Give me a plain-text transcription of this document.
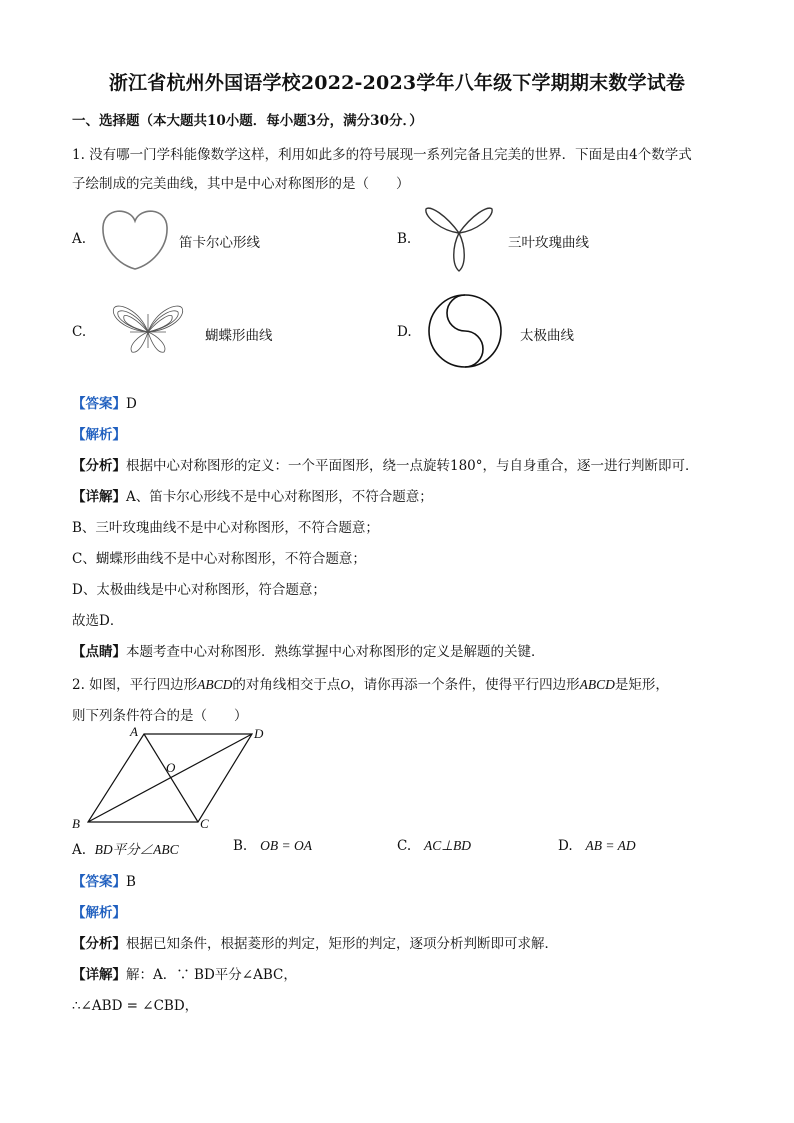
浙江省杭州外国语学校2022-2023学年八年级下学期期末数学试卷
一、选择题（本大题共10小题．每小题3分，满分30分．）
1. 没有哪一门学科能像数学这样，利用如此多的符号展现一系列完备且完美的世界．下面是由4个数学式
子绘制成的完美曲线，其中是中心对称图形的是（　　）
A.	笛卡尔心形线	B.	三叶玫瑰曲线
C.	蝴蝶形曲线	D.	太极曲线
【答案】D
【解析】
【分析】根据中心对称图形的定义：一个平面图形，绕一点旋转180°，与自身重合，逐一进行判断即可．
【详解】A、笛卡尔心形线不是中心对称图形，不符合题意；
B、三叶玫瑰曲线不是中心对称图形，不符合题意；
C、蝴蝶形曲线不是中心对称图形，不符合题意；
D、太极曲线是中心对称图形，符合题意；
故选D．
【点睛】本题考查中心对称图形．熟练掌握中心对称图形的定义是解题的关键．
2. 如图，平行四边形ABCD的对角线相交于点O，请你再添一个条件，使得平行四边形ABCD是矩形，
则下列条件符合的是（　　）
A	D
O
B	C
A. BD平分∠ABC	B. OB = OA	C. AC⊥BD	D. AB = AD
【答案】B
【解析】
【分析】根据已知条件，根据菱形的判定，矩形的判定，逐项分析判断即可求解．
【详解】解：A．∵ BD平分∠ABC，
∴∠ABD = ∠CBD，
